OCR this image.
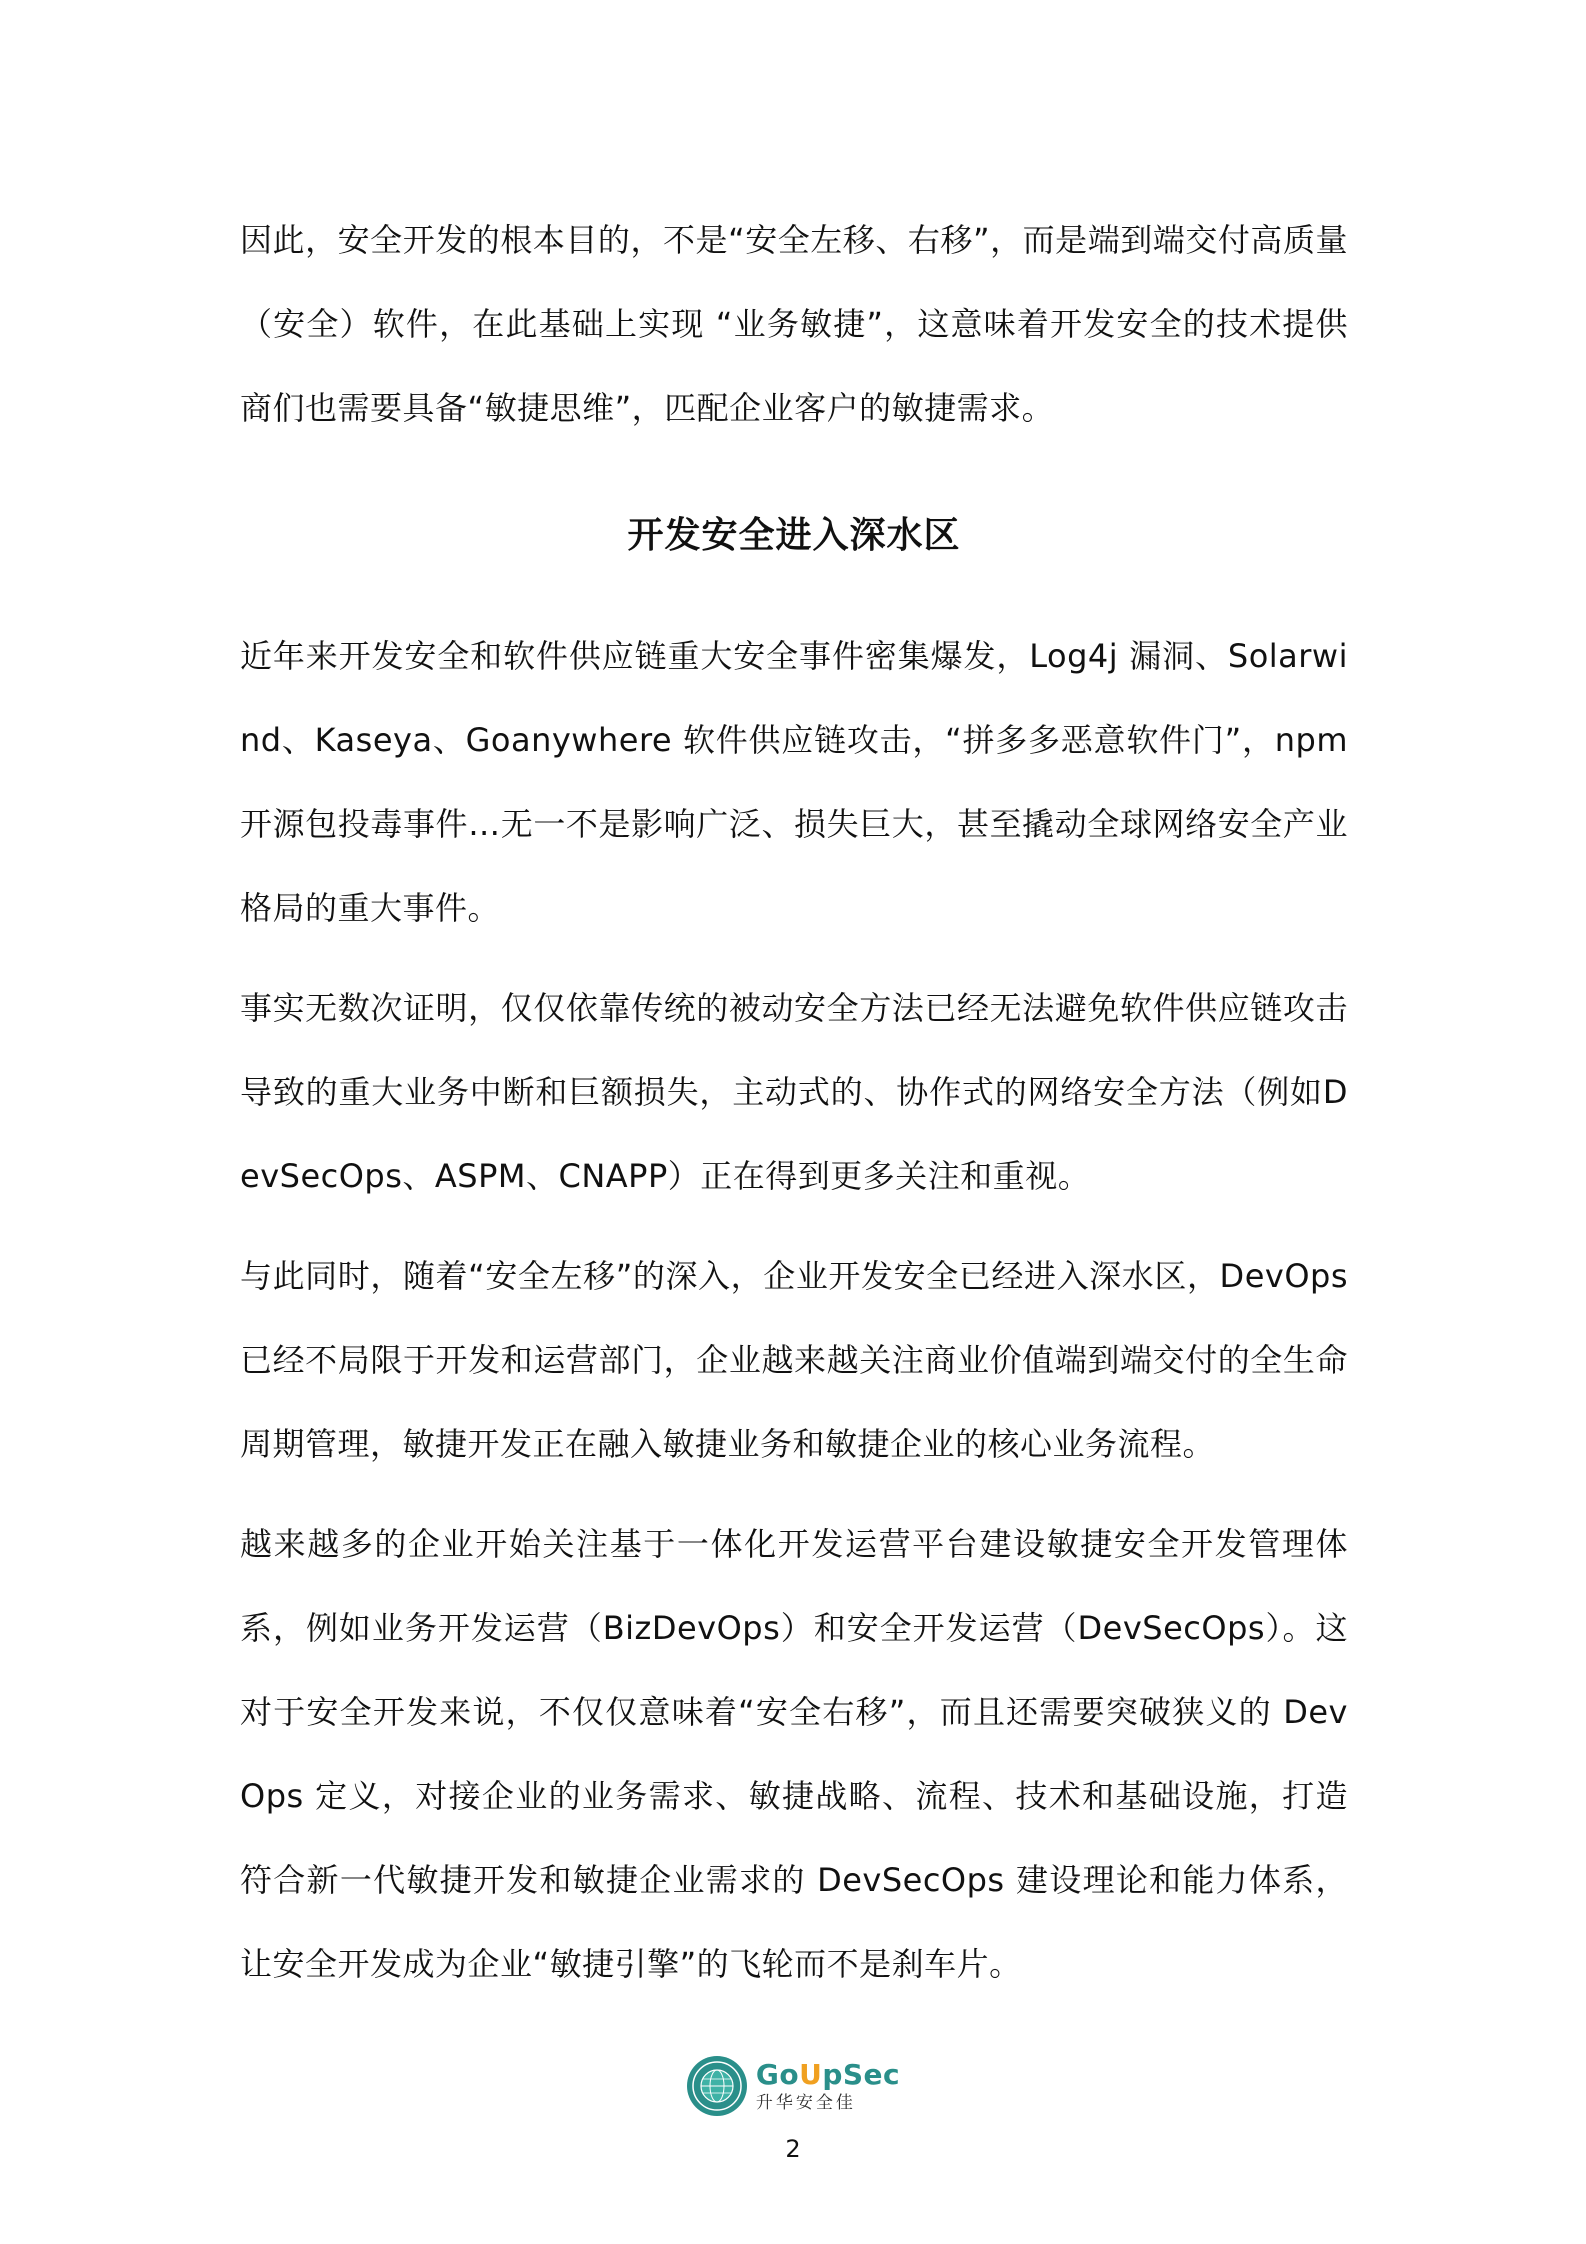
因此，安全开发的根本目的，不是“安全左移、右移”，而是端到端交付高质量（安全）软件，在此基础上实现 “业务敏捷”，这意味着开发安全的技术提供商们也需要具备“敏捷思维”，匹配企业客户的敏捷需求。

开发安全进入深水区

近年来开发安全和软件供应链重大安全事件密集爆发，Log4j 漏洞、Solarwind、Kaseya、Goanywhere 软件供应链攻击，“拼多多恶意软件门”，npm 开源包投毒事件…无一不是影响广泛、损失巨大，甚至撬动全球网络安全产业格局的重大事件。

事实无数次证明，仅仅依靠传统的被动安全方法已经无法避免软件供应链攻击导致的重大业务中断和巨额损失，主动式的、协作式的网络安全方法（例如DevSecOps、ASPM、CNAPP）正在得到更多关注和重视。

与此同时，随着“安全左移”的深入，企业开发安全已经进入深水区，DevOps已经不局限于开发和运营部门，企业越来越关注商业价值端到端交付的全生命周期管理，敏捷开发正在融入敏捷业务和敏捷企业的核心业务流程。

越来越多的企业开始关注基于一体化开发运营平台建设敏捷安全开发管理体系，例如业务开发运营（BizDevOps）和安全开发运营（DevSecOps）。这对于安全开发来说，不仅仅意味着“安全右移”，而且还需要突破狭义的 DevOps 定义，对接企业的业务需求、敏捷战略、流程、技术和基础设施，打造符合新一代敏捷开发和敏捷企业需求的 DevSecOps 建设理论和能力体系，让安全开发成为企业“敏捷引擎”的飞轮而不是刹车片。

GoUpSec
升华安全佳
2
